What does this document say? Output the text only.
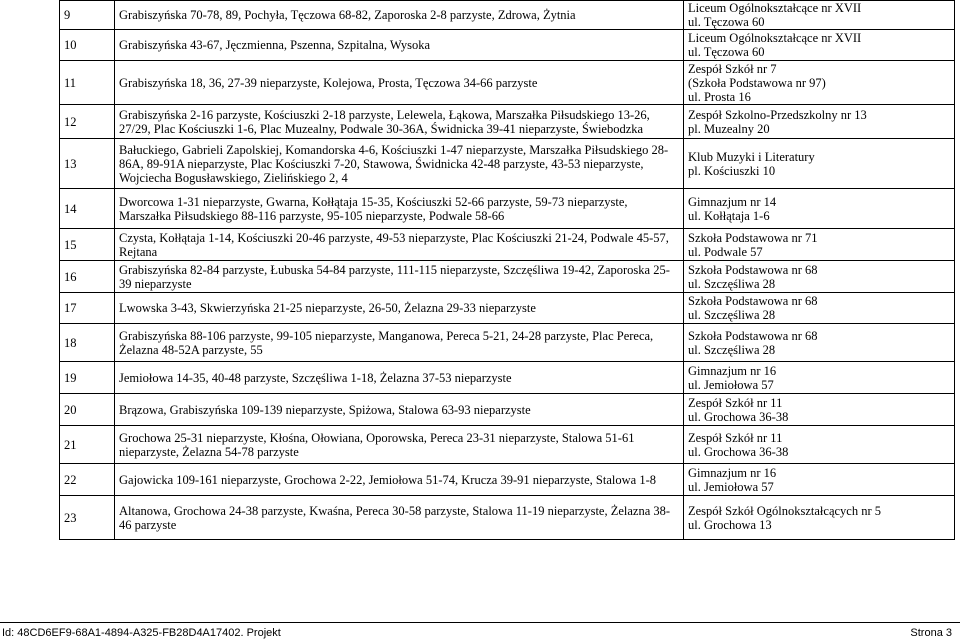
9	Grabiszyńska 70-78, 89, Pochyła, Tęczowa 68-82, Zaporoska 2-8 parzyste, Zdrowa, Żytnia	Liceum Ogólnokształcące nr XVII
ul. Tęczowa 60

10	Grabiszyńska 43-67, Jęczmienna, Pszenna, Szpitalna, Wysoka	Liceum Ogólnokształcące nr XVII
ul. Tęczowa 60

11	Grabiszyńska 18, 36, 27-39 nieparzyste, Kolejowa, Prosta, Tęczowa 34-66 parzyste	Zespół Szkół nr 7
(Szkoła Podstawowa nr 97)
ul. Prosta 16

12	Grabiszyńska 2-16 parzyste, Kościuszki 2-18 parzyste, Lelewela, Łąkowa, Marszałka Piłsudskiego 13-26, 27/29, Plac Kościuszki 1-6, Plac Muzealny, Podwale 30-36A, Świdnicka 39-41 nieparzyste, Świebodzka	Zespół Szkolno-Przedszkolny nr 13
pl. Muzealny 20

13	Bałuckiego, Gabrieli Zapolskiej, Komandorska 4-6, Kościuszki 1-47 nieparzyste, Marszałka Piłsudskiego 28-86A, 89-91A nieparzyste, Plac Kościuszki 7-20, Stawowa, Świdnicka 42-48 parzyste, 43-53 nieparzyste, Wojciecha Bogusławskiego, Zielińskiego 2, 4	Klub Muzyki i Literatury
pl. Kościuszki 10

14	Dworcowa 1-31 nieparzyste, Gwarna, Kołłątaja 15-35, Kościuszki 52-66 parzyste, 59-73 nieparzyste, Marszałka Piłsudskiego 88-116 parzyste, 95-105 nieparzyste, Podwale 58-66	Gimnazjum nr 14
ul. Kołłątaja 1-6

15	Czysta, Kołłątaja 1-14, Kościuszki 20-46 parzyste, 49-53 nieparzyste, Plac Kościuszki 21-24, Podwale 45-57, Rejtana	Szkoła Podstawowa nr 71
ul. Podwale 57

16	Grabiszyńska 82-84 parzyste, Łubuska 54-84 parzyste, 111-115 nieparzyste, Szczęśliwa 19-42, Zaporoska 25-39 nieparzyste	Szkoła Podstawowa nr 68
ul. Szczęśliwa 28

17	Lwowska 3-43, Skwierzyńska 21-25 nieparzyste, 26-50, Żelazna 29-33 nieparzyste	Szkoła Podstawowa nr 68
ul. Szczęśliwa 28

18	Grabiszyńska 88-106 parzyste, 99-105 nieparzyste, Manganowa, Pereca 5-21, 24-28 parzyste, Plac Pereca, Żelazna 48-52A parzyste, 55	Szkoła Podstawowa nr 68
ul. Szczęśliwa 28

19	Jemiołowa 14-35, 40-48 parzyste, Szczęśliwa 1-18, Żelazna 37-53 nieparzyste	Gimnazjum nr 16
ul. Jemiołowa 57

20	Brązowa, Grabiszyńska 109-139 nieparzyste, Spiżowa, Stalowa 63-93 nieparzyste	Zespół Szkół nr 11
ul. Grochowa 36-38

21	Grochowa 25-31 nieparzyste, Kłośna, Ołowiana, Oporowska, Pereca 23-31 nieparzyste, Stalowa 51-61 nieparzyste, Żelazna 54-78 parzyste	Zespół Szkół nr 11
ul. Grochowa 36-38

22	Gajowicka 109-161 nieparzyste, Grochowa 2-22, Jemiołowa 51-74, Krucza 39-91 nieparzyste, Stalowa 1-8	Gimnazjum nr 16
ul. Jemiołowa 57

23	Altanowa, Grochowa 24-38 parzyste, Kwaśna, Pereca 30-58 parzyste, Stalowa 11-19 nieparzyste, Żelazna 38-46 parzyste	Zespół Szkół Ogólnokształcących nr 5
ul. Grochowa 13
Id: 48CD6EF9-68A1-4894-A325-FB28D4A17402. Projekt	Strona 3
